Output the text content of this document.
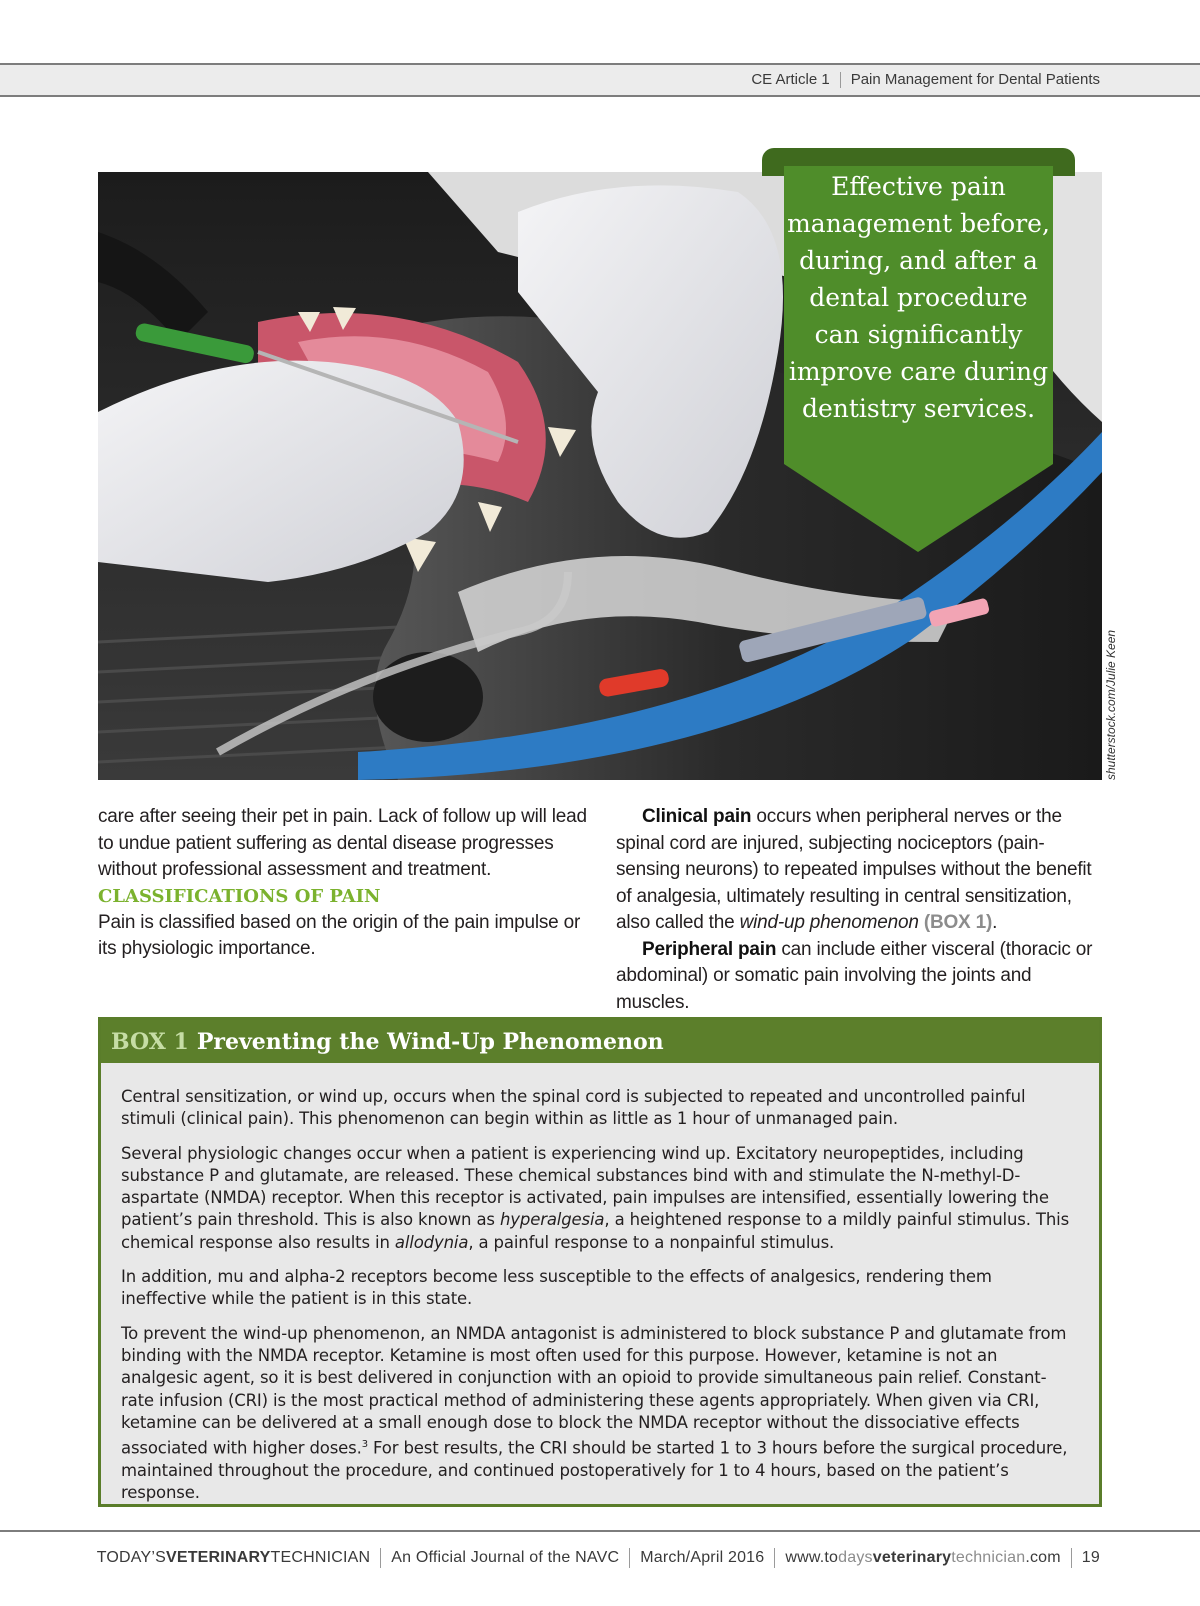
CE Article 1 Pain Management for Dental Patients
shutterstock.com/Julie Keen
Effective pain management before, during, and after a dental procedure can significantly improve care during dentistry services.

care after seeing their pet in pain. Lack of follow up will lead to undue patient suffering as dental disease progresses without professional assessment and treatment.

CLASSIFICATIONS OF PAIN

Pain is classified based on the origin of the pain impulse or its physiologic importance.

Clinical pain occurs when peripheral nerves or the spinal cord are injured, subjecting nociceptors (pain-sensing neurons) to repeated impulses without the benefit of analgesia, ultimately resulting in central sensitization, also called the wind-up phenomenon (BOX 1).

Peripheral pain can include either visceral (thoracic or abdominal) or somatic pain involving the joints and muscles.

BOX 1 Preventing the Wind-Up Phenomenon

Central sensitization, or wind up, occurs when the spinal cord is subjected to repeated and uncontrolled painful stimuli (clinical pain). This phenomenon can begin within as little as 1 hour of unmanaged pain.

Several physiologic changes occur when a patient is experiencing wind up. Excitatory neuropeptides, including substance P and glutamate, are released. These chemical substances bind with and stimulate the N-methyl-D-aspartate (NMDA) receptor. When this receptor is activated, pain impulses are intensified, essentially lowering the patient’s pain threshold. This is also known as hyperalgesia, a heightened response to a mildly painful stimulus. This chemical response also results in allodynia, a painful response to a nonpainful stimulus.

In addition, mu and alpha-2 receptors become less susceptible to the effects of analgesics, rendering them ineffective while the patient is in this state.

To prevent the wind-up phenomenon, an NMDA antagonist is administered to block substance P and glutamate from binding with the NMDA receptor. Ketamine is most often used for this purpose. However, ketamine is not an analgesic agent, so it is best delivered in conjunction with an opioid to provide simultaneous pain relief. Constant-rate infusion (CRI) is the most practical method of administering these agents appropriately. When given via CRI, ketamine can be delivered at a small enough dose to block the NMDA receptor without the dissociative effects associated with higher doses.$^3$ For best results, the CRI should be started 1 to 3 hours before the surgical procedure, maintained throughout the procedure, and continued postoperatively for 1 to 4 hours, based on the patient’s response.

TODAY’SVETERINARYTECHNICIAN An Official Journal of the NAVC March/April 2016 www.todaysveterinarytechnician.com 19
